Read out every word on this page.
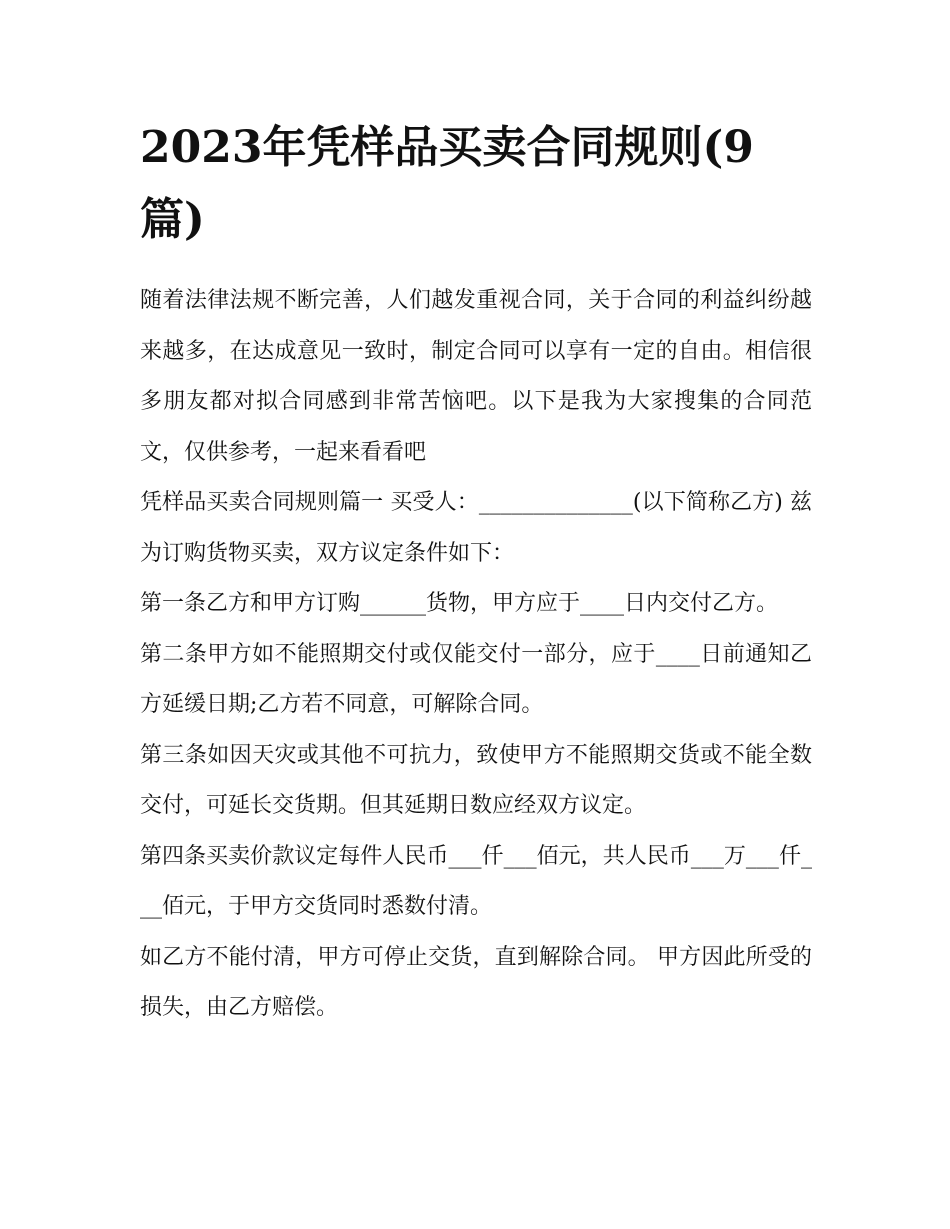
2023年凭样品买卖合同规则(9篇)

随着法律法规不断完善，人们越发重视合同，关于合同的利益纠纷越来越多，在达成意见一致时，制定合同可以享有一定的自由。相信很多朋友都对拟合同感到非常苦恼吧。以下是我为大家搜集的合同范文，仅供参考，一起来看看吧

凭样品买卖合同规则篇一 买受人：______________(以下简称乙方) 兹为订购货物买卖，双方议定条件如下：

第一条乙方和甲方订购______货物，甲方应于____日内交付乙方。

第二条甲方如不能照期交付或仅能交付一部分，应于____日前通知乙方延缓日期;乙方若不同意，可解除合同。

第三条如因天灾或其他不可抗力，致使甲方不能照期交货或不能全数交付，可延长交货期。但其延期日数应经双方议定。

第四条买卖价款议定每件人民币___仟___佰元，共人民币___万___仟___佰元，于甲方交货同时悉数付清。

如乙方不能付清，甲方可停止交货，直到解除合同。 甲方因此所受的损失，由乙方赔偿。
